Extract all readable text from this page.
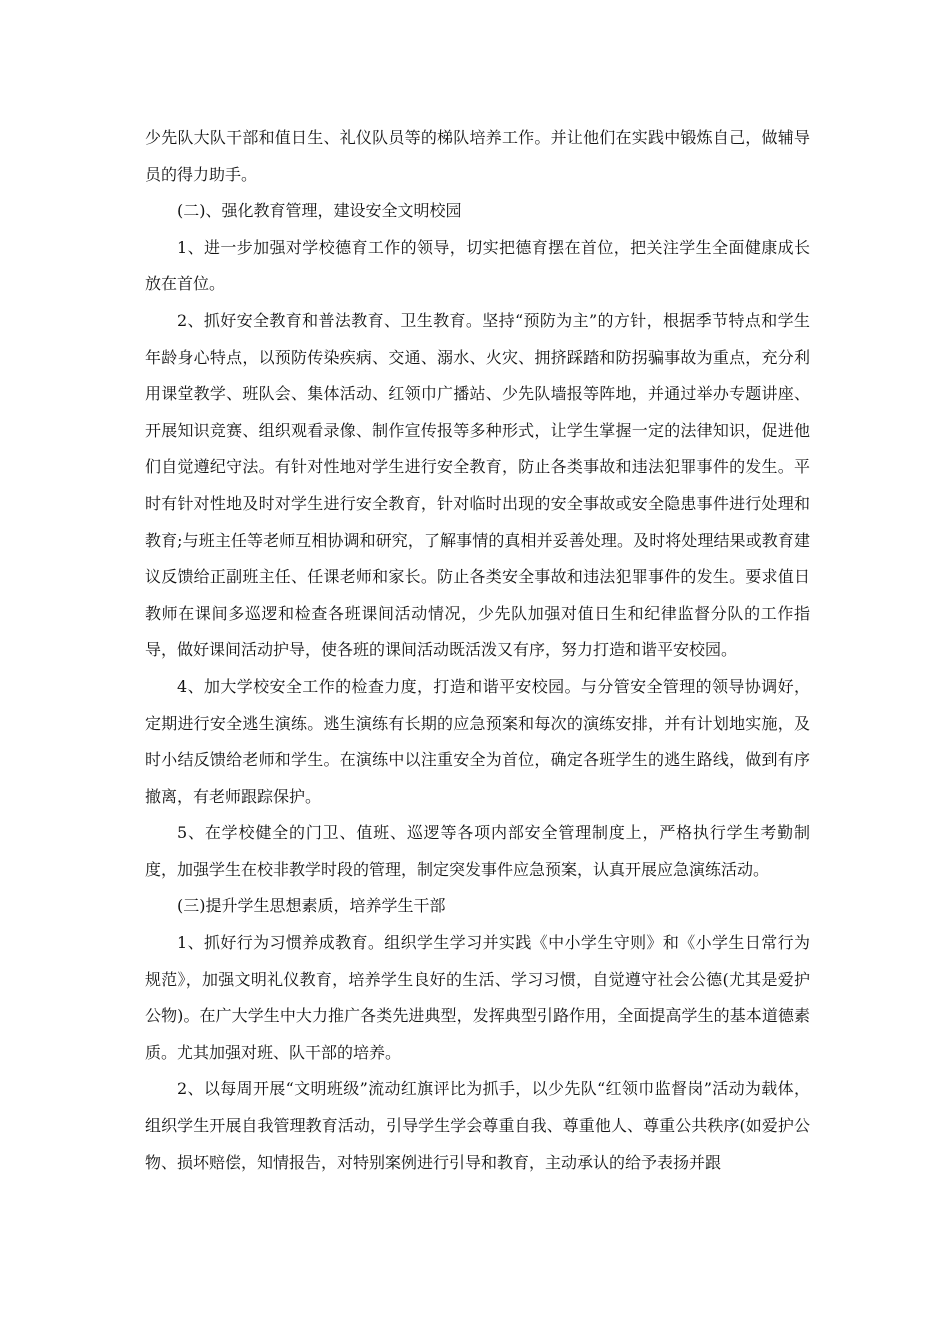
少先队大队干部和值日生、礼仪队员等的梯队培养工作。并让他们在实践中锻炼自己，做辅导员的得力助手。

(二)、强化教育管理，建设安全文明校园

1、进一步加强对学校德育工作的领导，切实把德育摆在首位，把关注学生全面健康成长放在首位。

2、抓好安全教育和普法教育、卫生教育。坚持“预防为主”的方针，根据季节特点和学生年龄身心特点，以预防传染疾病、交通、溺水、火灾、拥挤踩踏和防拐骗事故为重点，充分利用课堂教学、班队会、集体活动、红领巾广播站、少先队墙报等阵地，并通过举办专题讲座、开展知识竞赛、组织观看录像、制作宣传报等多种形式，让学生掌握一定的法律知识，促进他们自觉遵纪守法。有针对性地对学生进行安全教育，防止各类事故和违法犯罪事件的发生。平时有针对性地及时对学生进行安全教育，针对临时出现的安全事故或安全隐患事件进行处理和教育;与班主任等老师互相协调和研究，了解事情的真相并妥善处理。及时将处理结果或教育建议反馈给正副班主任、任课老师和家长。防止各类安全事故和违法犯罪事件的发生。要求值日教师在课间多巡逻和检查各班课间活动情况，少先队加强对值日生和纪律监督分队的工作指导，做好课间活动护导，使各班的课间活动既活泼又有序，努力打造和谐平安校园。

4、加大学校安全工作的检查力度，打造和谐平安校园。与分管安全管理的领导协调好，定期进行安全逃生演练。逃生演练有长期的应急预案和每次的演练安排，并有计划地实施，及时小结反馈给老师和学生。在演练中以注重安全为首位，确定各班学生的逃生路线，做到有序撤离，有老师跟踪保护。

5、在学校健全的门卫、值班、巡逻等各项内部安全管理制度上，严格执行学生考勤制度，加强学生在校非教学时段的管理，制定突发事件应急预案，认真开展应急演练活动。

(三)提升学生思想素质，培养学生干部

1、抓好行为习惯养成教育。组织学生学习并实践《中小学生守则》和《小学生日常行为规范》，加强文明礼仪教育，培养学生良好的生活、学习习惯，自觉遵守社会公德(尤其是爱护公物)。在广大学生中大力推广各类先进典型，发挥典型引路作用，全面提高学生的基本道德素质。尤其加强对班、队干部的培养。

2、以每周开展“文明班级”流动红旗评比为抓手，以少先队“红领巾监督岗”活动为载体，组织学生开展自我管理教育活动，引导学生学会尊重自我、尊重他人、尊重公共秩序(如爱护公物、损坏赔偿，知情报告，对特别案例进行引导和教育，主动承认的给予表扬并跟
